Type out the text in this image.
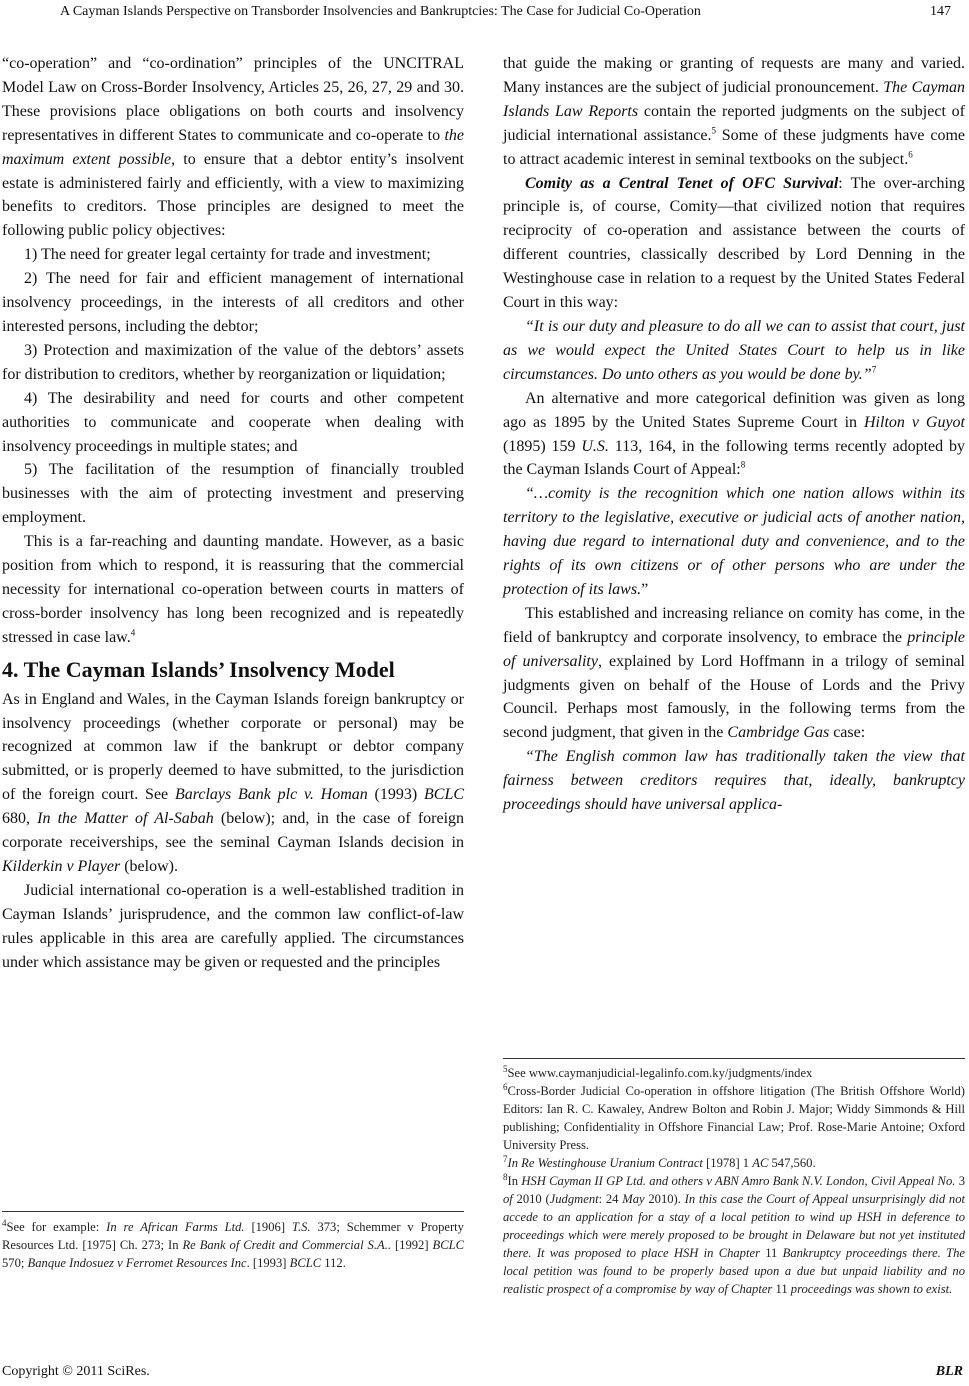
A Cayman Islands Perspective on Transborder Insolvencies and Bankruptcies: The Case for Judicial Co-Operation	147

“co-operation” and “co-ordination” principles of the UNCITRAL Model Law on Cross-Border Insolvency, Articles 25, 26, 27, 29 and 30. These provisions place obligations on both courts and insolvency representatives in different States to communicate and co-operate to the maximum extent possible, to ensure that a debtor entity’s insolvent estate is administered fairly and efficiently, with a view to maximizing benefits to creditors. Those principles are designed to meet the following public policy objectives:

1) The need for greater legal certainty for trade and investment;

2) The need for fair and efficient management of international insolvency proceedings, in the interests of all creditors and other interested persons, including the debtor;

3) Protection and maximization of the value of the debtors’ assets for distribution to creditors, whether by reorganization or liquidation;

4) The desirability and need for courts and other competent authorities to communicate and cooperate when dealing with insolvency proceedings in multiple states; and

5) The facilitation of the resumption of financially troubled businesses with the aim of protecting investment and preserving employment.

This is a far-reaching and daunting mandate. However, as a basic position from which to respond, it is reassuring that the commercial necessity for international co-operation between courts in matters of cross-border insolvency has long been recognized and is repeatedly stressed in case law.$^4$

4. The Cayman Islands’ Insolvency Model

As in England and Wales, in the Cayman Islands foreign bankruptcy or insolvency proceedings (whether corporate or personal) may be recognized at common law if the bankrupt or debtor company submitted, or is properly deemed to have submitted, to the jurisdiction of the foreign court. See Barclays Bank plc v. Homan (1993) BCLC 680, In the Matter of Al-Sabah (below); and, in the case of foreign corporate receiverships, see the seminal Cayman Islands decision in Kilderkin v Player (below).

Judicial international co-operation is a well-established tradition in Cayman Islands’ jurisprudence, and the common law conflict-of-law rules applicable in this area are carefully applied. The circumstances under which assistance may be given or requested and the principles

$^4$See for example: In re African Farms Ltd. [1906] T.S. 373; Schemmer v Property Resources Ltd. [1975] Ch. 273; In Re Bank of Credit and Commercial S.A.. [1992] BCLC 570; Banque Indosuez v Ferromet Resources Inc. [1993] BCLC 112.

that guide the making or granting of requests are many and varied. Many instances are the subject of judicial pronouncement. The Cayman Islands Law Reports contain the reported judgments on the subject of judicial international assistance.$^5$ Some of these judgments have come to attract academic interest in seminal textbooks on the subject.$^6$

Comity as a Central Tenet of OFC Survival: The over-arching principle is, of course, Comity—that civilized notion that requires reciprocity of co-operation and assistance between the courts of different countries, classically described by Lord Denning in the Westinghouse case in relation to a request by the United States Federal Court in this way:

“It is our duty and pleasure to do all we can to assist that court, just as we would expect the United States Court to help us in like circumstances. Do unto others as you would be done by.”$^7$

An alternative and more categorical definition was given as long ago as 1895 by the United States Supreme Court in Hilton v Guyot (1895) 159 U.S. 113, 164, in the following terms recently adopted by the Cayman Islands Court of Appeal:$^8$

“…comity is the recognition which one nation allows within its territory to the legislative, executive or judicial acts of another nation, having due regard to international duty and convenience, and to the rights of its own citizens or of other persons who are under the protection of its laws.”

This established and increasing reliance on comity has come, in the field of bankruptcy and corporate insolvency, to embrace the principle of universality, explained by Lord Hoffmann in a trilogy of seminal judgments given on behalf of the House of Lords and the Privy Council. Perhaps most famously, in the following terms from the second judgment, that given in the Cambridge Gas case:

“The English common law has traditionally taken the view that fairness between creditors requires that, ideally, bankruptcy proceedings should have universal applica-

$^5$See www.caymanjudicial-legalinfo.com.ky/judgments/index

$^6$Cross-Border Judicial Co-operation in offshore litigation (The British Offshore World) Editors: Ian R. C. Kawaley, Andrew Bolton and Robin J. Major; Widdy Simmonds & Hill publishing; Confidentiality in Offshore Financial Law; Prof. Rose-Marie Antoine; Oxford University Press.

$^7$In Re Westinghouse Uranium Contract [1978] 1 AC 547,560.

$^8$In HSH Cayman II GP Ltd. and others v ABN Amro Bank N.V. London, Civil Appeal No. 3 of 2010 (Judgment: 24 May 2010). In this case the Court of Appeal unsurprisingly did not accede to an application for a stay of a local petition to wind up HSH in deference to proceedings which were merely proposed to be brought in Delaware but not yet instituted there. It was proposed to place HSH in Chapter 11 Bankruptcy proceedings there. The local petition was found to be properly based upon a due but unpaid liability and no realistic prospect of a compromise by way of Chapter 11 proceedings was shown to exist.

Copyright © 2011 SciRes.	BLR
